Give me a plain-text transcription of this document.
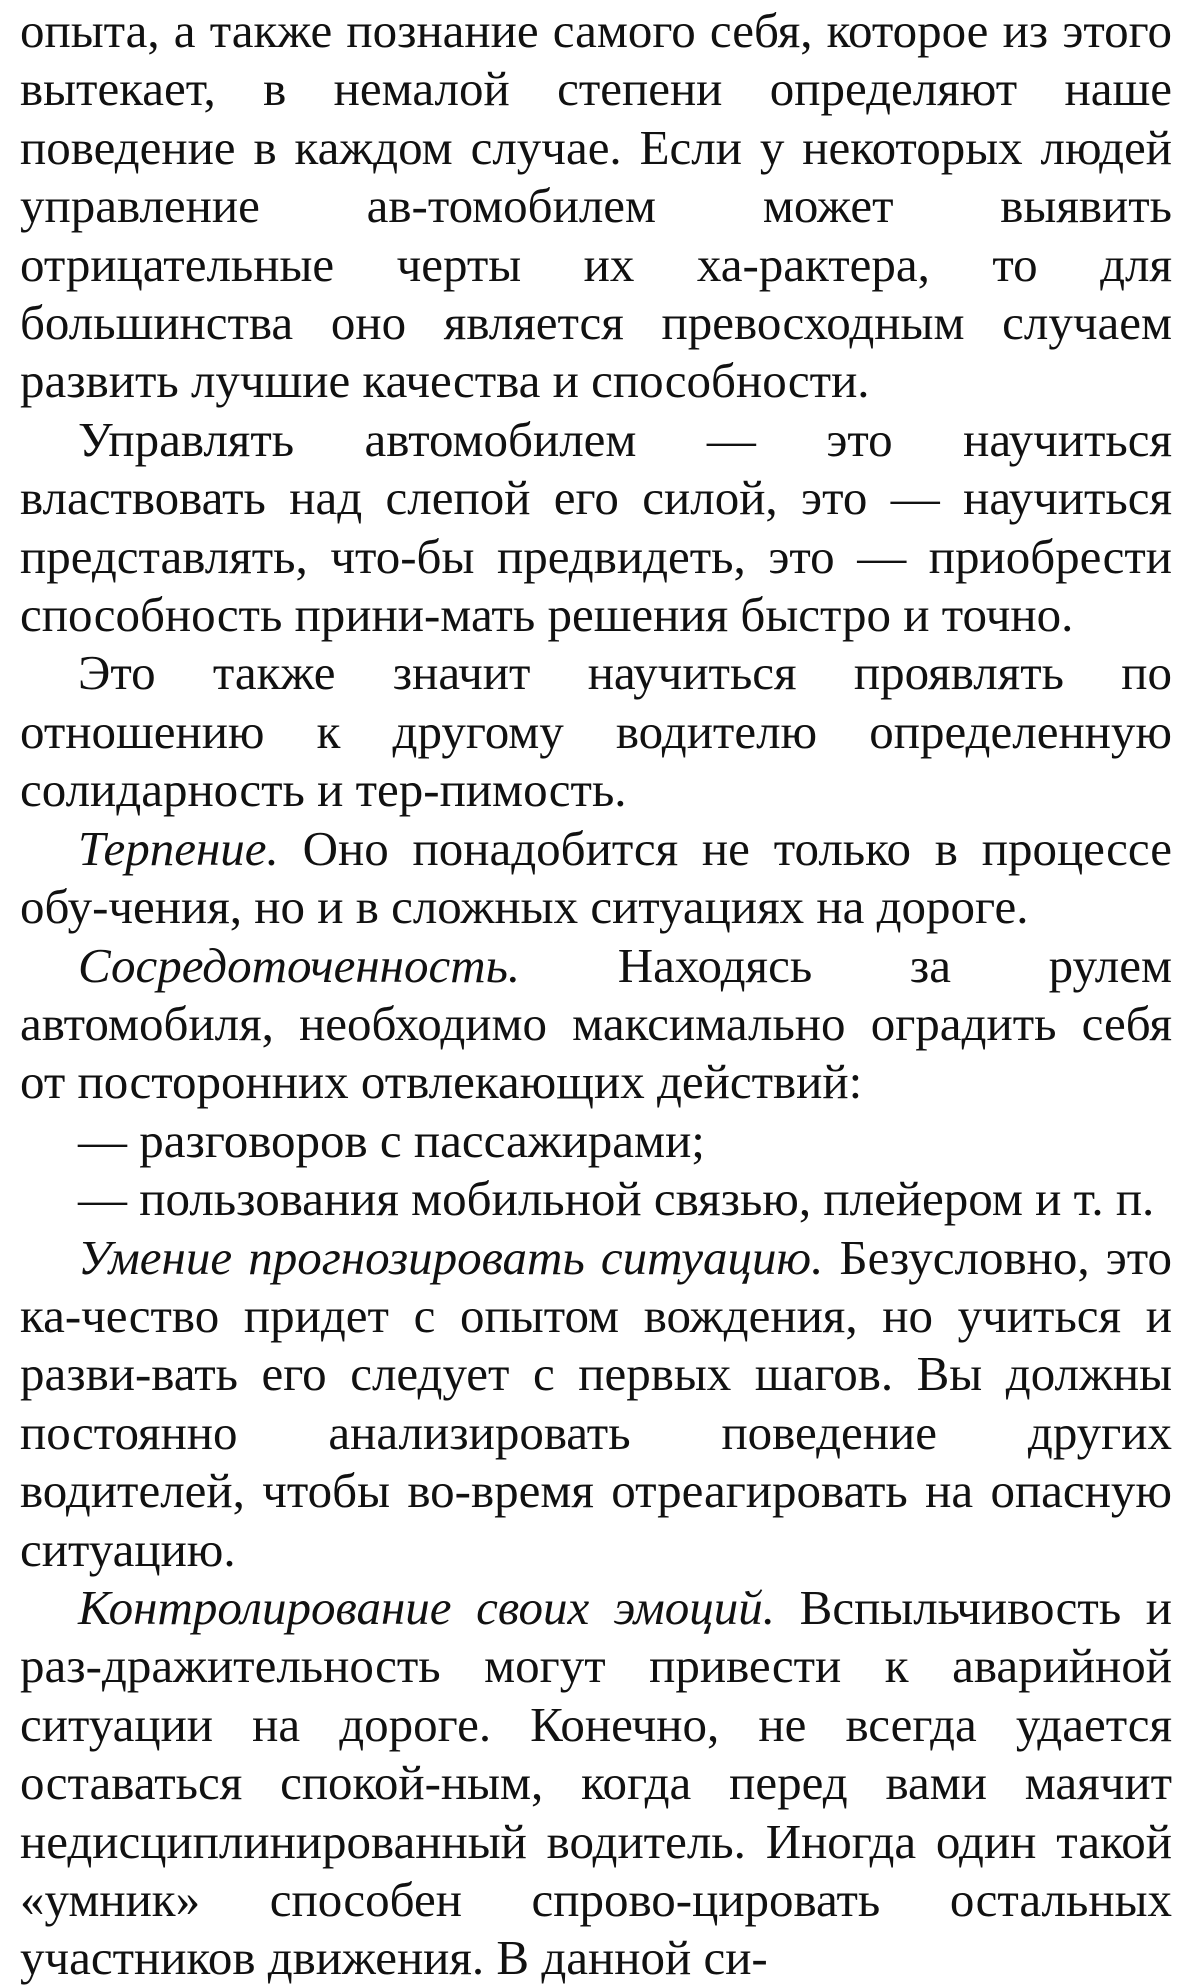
опыта, а также познание самого себя, которое из этого вытекает, в немалой степени определяют наше поведение в каждом случае. Если у некоторых людей управление ав-томобилем может выявить отрицательные черты их ха-рактера, то для большинства оно является превосходным случаем развить лучшие качества и способности.

Управлять автомобилем — это научиться властвовать над слепой его силой, это — научиться представлять, что-бы предвидеть, это — приобрести способность прини-мать решения быстро и точно.

Это также значит научиться проявлять по отношению к другому водителю определенную солидарность и тер-пимость.

Терпение. Оно понадобится не только в процессе обу-чения, но и в сложных ситуациях на дороге.

Сосредоточенность. Находясь за рулем автомобиля, необходимо максимально оградить себя от посторонних отвлекающих действий:

— разговоров с пассажирами;

— пользования мобильной связью, плейером и т. п.

Умение прогнозировать ситуацию. Безусловно, это ка-чество придет с опытом вождения, но учиться и разви-вать его следует с первых шагов. Вы должны постоянно анализировать поведение других водителей, чтобы во-время отреагировать на опасную ситуацию.

Контролирование своих эмоций. Вспыльчивость и раз-дражительность могут привести к аварийной ситуации на дороге. Конечно, не всегда удается оставаться спокой-ным, когда перед вами маячит недисциплинированный водитель. Иногда один такой «умник» способен спрово-цировать остальных участников движения. В данной си-
